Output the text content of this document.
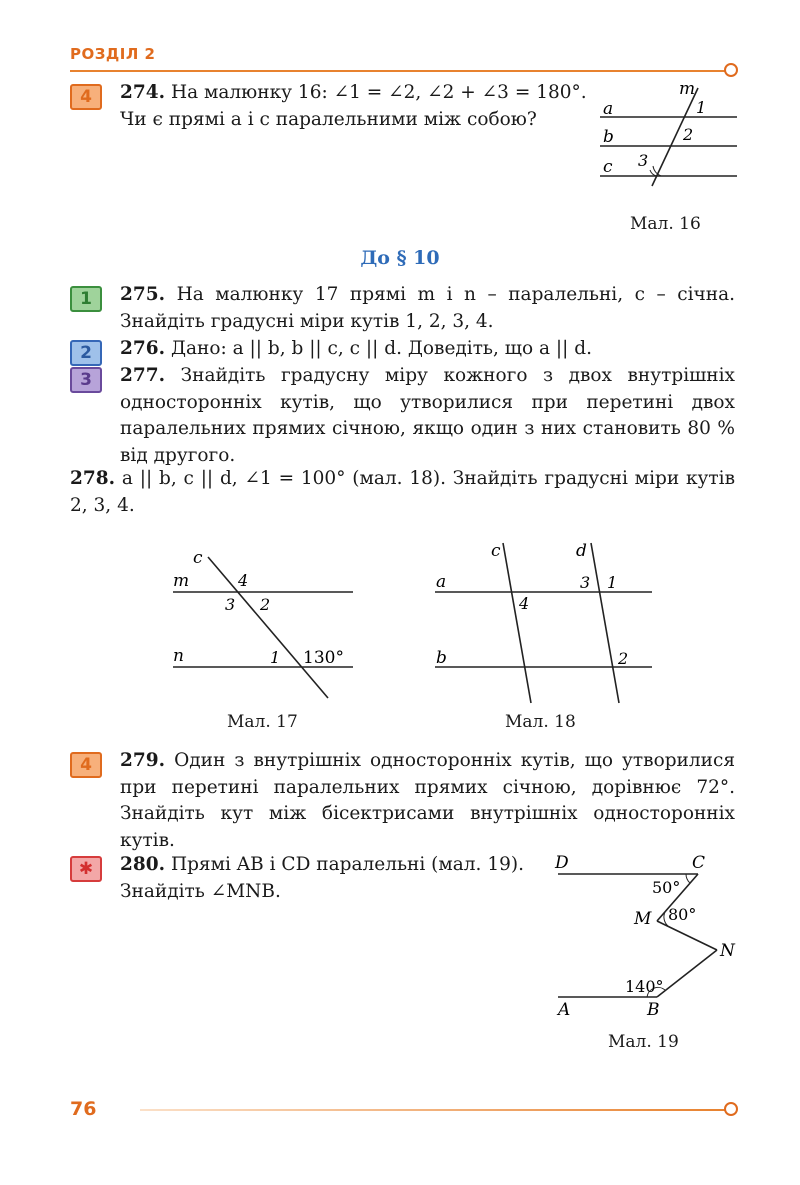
РОЗДІЛ 2
4	274. На малюнку 16: ∠1 = ∠2, ∠2 + ∠3 = 180°. Чи є прямі a і c паралельними між собою?
m
a
b
c
1
2
3
Мал. 16
До § 10
1	275. На малюнку 17 прямі m і n – паралельні, c – січна. Знайдіть градусні міри кутів 1, 2, 3, 4.
2	276. Дано: a || b, b || c, c || d. Доведіть, що a || d.
3	277. Знайдіть градусну міру кожного з двох внутрішніх односторонніх кутів, що утворилися при перетині двох паралельних прямих січною, якщо один з них становить 80 % від другого.
278. a || b, c || d, ∠1 = 100° (мал. 18). Знайдіть градусні міри кутів 2, 3, 4.
c
m
n
4
3 2
1 130°
Мал. 17
c	d
a
b
3 1
4
2
Мал. 18
4	279. Один з внутрішніх односторонніх кутів, що утворилися при перетині паралельних прямих січною, дорівнює 72°. Знайдіть кут між бісектрисами внутрішніх односторонніх кутів.
✱	280. Прямі AB і CD паралельні (мал. 19). Знайдіть ∠MNB.
D	C
50°
M 80°
N
140°
A	B
Мал. 19
76
